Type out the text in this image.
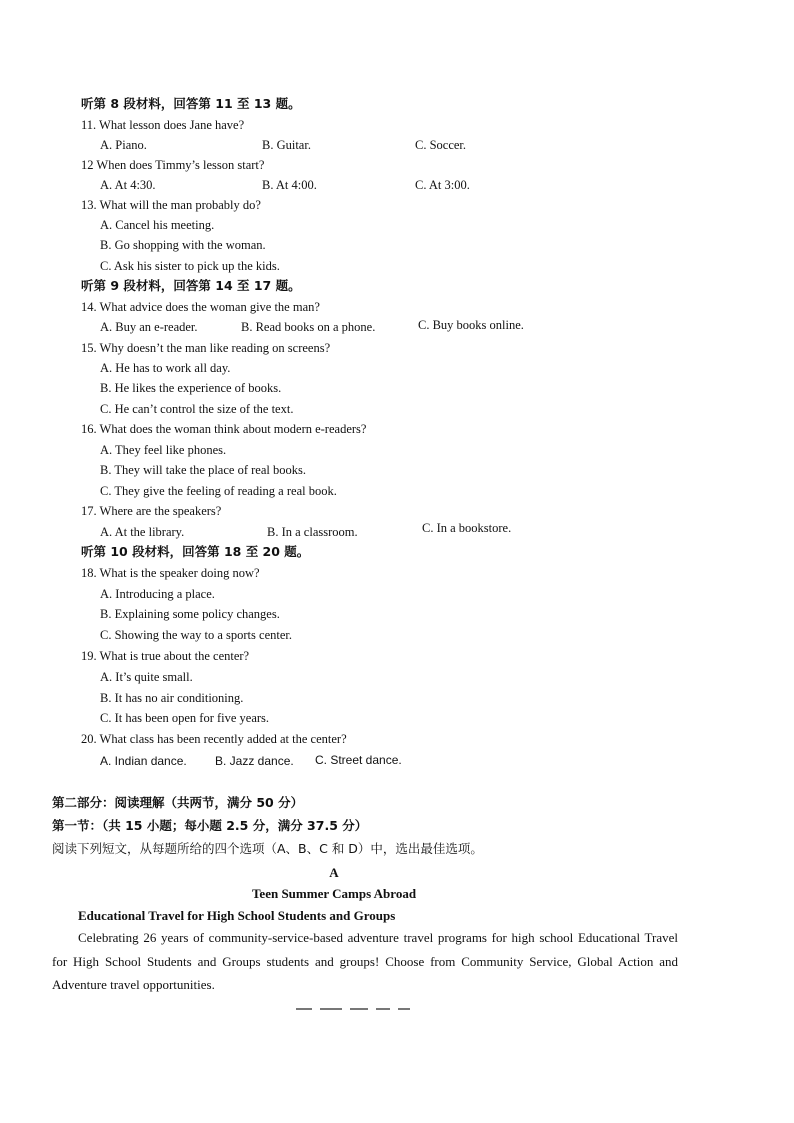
听第 8 段材料，回答第 11 至 13 题。
11. What lesson does Jane have?
A. Piano.	B. Guitar.	C. Soccer.
12 When does Timmy’s lesson start?
A. At 4:30.	B. At 4:00.	C. At 3:00.
13. What will the man probably do?
A. Cancel his meeting.
B. Go shopping with the woman.
C. Ask his sister to pick up the kids.
听第 9 段材料，回答第 14 至 17 题。
14. What advice does the woman give the man?
A. Buy an e-reader.	B. Read books on a phone.	C. Buy books online.
15. Why doesn’t the man like reading on screens?
A. He has to work all day.
B. He likes the experience of books.
C. He can’t control the size of the text.
16. What does the woman think about modern e-readers?
A. They feel like phones.
B. They will take the place of real books.
C. They give the feeling of reading a real book.
17. Where are the speakers?
A. At the library.	B. In a classroom.	C. In a bookstore.
听第 10 段材料，回答第 18 至 20 题。
18. What is the speaker doing now?
A. Introducing a place.
B. Explaining some policy changes.
C. Showing the way to a sports center.
19. What is true about the center?
A. It’s quite small.
B. It has no air conditioning.
C. It has been open for five years.
20. What class has been recently added at the center?
A. Indian dance. B. Jazz dance. C. Street dance.
第二部分：阅读理解（共两节，满分 50 分）
第一节：（共 15 小题；每小题 2.5 分，满分 37.5 分）
阅读下列短文，从每题所给的四个选项（A、B、C 和 D）中，选出最佳选项。
A
Teen Summer Camps Abroad
Educational Travel for High School Students and Groups
Celebrating 26 years of community-service-based adventure travel programs for high school Educational Travel for High School Students and Groups students and groups! Choose from Community Service, Global Action and Adventure travel opportunities.
